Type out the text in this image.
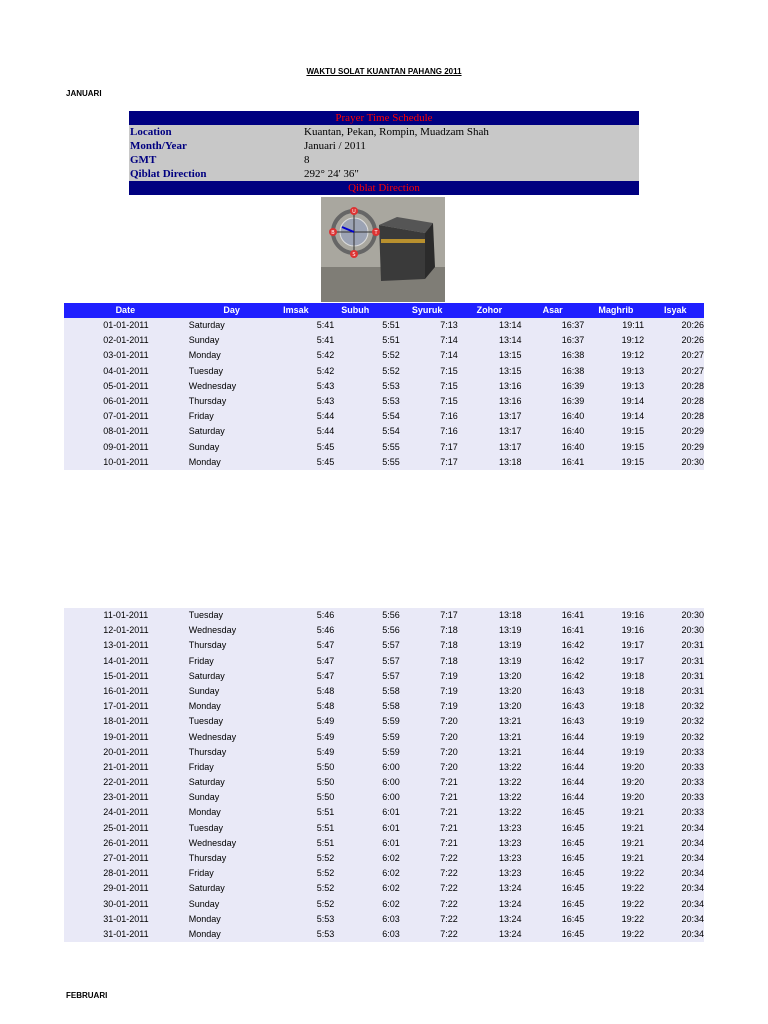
WAKTU SOLAT KUANTAN PAHANG 2011
JANUARI
Prayer Time Schedule
Location	Kuantan, Pekan, Rompin, Muadzam Shah
Month/Year	Januari / 2011
GMT	8
Qiblat Direction	292° 24' 36"
Qiblat Direction
U
S
B	T
Date	Day	Imsak	Subuh	Syuruk	Zohor	Asar	Maghrib	Isyak
01-01-2011	Saturday	5:41	5:51	7:13	13:14	16:37	19:11	20:26
02-01-2011	Sunday	5:41	5:51	7:14	13:14	16:37	19:12	20:26
03-01-2011	Monday	5:42	5:52	7:14	13:15	16:38	19:12	20:27
04-01-2011	Tuesday	5:42	5:52	7:15	13:15	16:38	19:13	20:27
05-01-2011	Wednesday	5:43	5:53	7:15	13:16	16:39	19:13	20:28
06-01-2011	Thursday	5:43	5:53	7:15	13:16	16:39	19:14	20:28
07-01-2011	Friday	5:44	5:54	7:16	13:17	16:40	19:14	20:28
08-01-2011	Saturday	5:44	5:54	7:16	13:17	16:40	19:15	20:29
09-01-2011	Sunday	5:45	5:55	7:17	13:17	16:40	19:15	20:29
10-01-2011	Monday	5:45	5:55	7:17	13:18	16:41	19:15	20:30
11-01-2011	Tuesday	5:46	5:56	7:17	13:18	16:41	19:16	20:30
12-01-2011	Wednesday	5:46	5:56	7:18	13:19	16:41	19:16	20:30
13-01-2011	Thursday	5:47	5:57	7:18	13:19	16:42	19:17	20:31
14-01-2011	Friday	5:47	5:57	7:18	13:19	16:42	19:17	20:31
15-01-2011	Saturday	5:47	5:57	7:19	13:20	16:42	19:18	20:31
16-01-2011	Sunday	5:48	5:58	7:19	13:20	16:43	19:18	20:31
17-01-2011	Monday	5:48	5:58	7:19	13:20	16:43	19:18	20:32
18-01-2011	Tuesday	5:49	5:59	7:20	13:21	16:43	19:19	20:32
19-01-2011	Wednesday	5:49	5:59	7:20	13:21	16:44	19:19	20:32
20-01-2011	Thursday	5:49	5:59	7:20	13:21	16:44	19:19	20:33
21-01-2011	Friday	5:50	6:00	7:20	13:22	16:44	19:20	20:33
22-01-2011	Saturday	5:50	6:00	7:21	13:22	16:44	19:20	20:33
23-01-2011	Sunday	5:50	6:00	7:21	13:22	16:44	19:20	20:33
24-01-2011	Monday	5:51	6:01	7:21	13:22	16:45	19:21	20:33
25-01-2011	Tuesday	5:51	6:01	7:21	13:23	16:45	19:21	20:34
26-01-2011	Wednesday	5:51	6:01	7:21	13:23	16:45	19:21	20:34
27-01-2011	Thursday	5:52	6:02	7:22	13:23	16:45	19:21	20:34
28-01-2011	Friday	5:52	6:02	7:22	13:23	16:45	19:22	20:34
29-01-2011	Saturday	5:52	6:02	7:22	13:24	16:45	19:22	20:34
30-01-2011	Sunday	5:52	6:02	7:22	13:24	16:45	19:22	20:34
31-01-2011	Monday	5:53	6:03	7:22	13:24	16:45	19:22	20:34
31-01-2011	Monday	5:53	6:03	7:22	13:24	16:45	19:22	20:34
FEBRUARI
